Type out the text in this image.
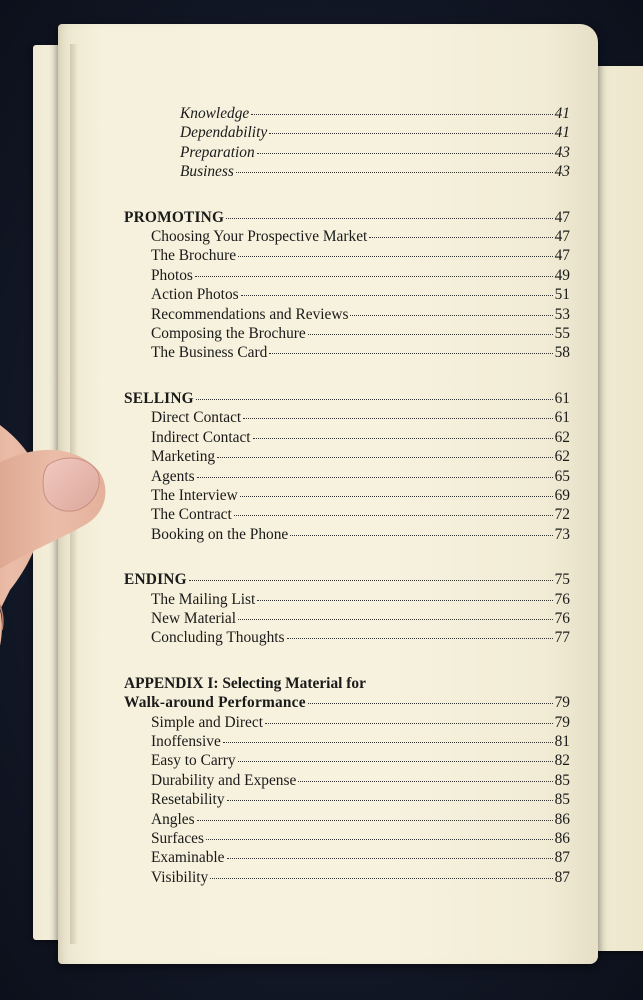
Knowledge	41
Dependability	41
Preparation	43
Business	43
PROMOTING	47
Choosing Your Prospective Market	47
The Brochure	47
Photos	49
Action Photos	51
Recommendations and Reviews	53
Composing the Brochure	55
The Business Card	58
SELLING	61
Direct Contact	61
Indirect Contact	62
Marketing	62
Agents	65
The Interview	69
The Contract	72
Booking on the Phone	73
ENDING	75
The Mailing List	76
New Material	76
Concluding Thoughts	77
APPENDIX I: Selecting Material for
Walk-around Performance	79
Simple and Direct	79
Inoffensive	81
Easy to Carry	82
Durability and Expense	85
Resetability	85
Angles	86
Surfaces	86
Examinable	87
Visibility	87
